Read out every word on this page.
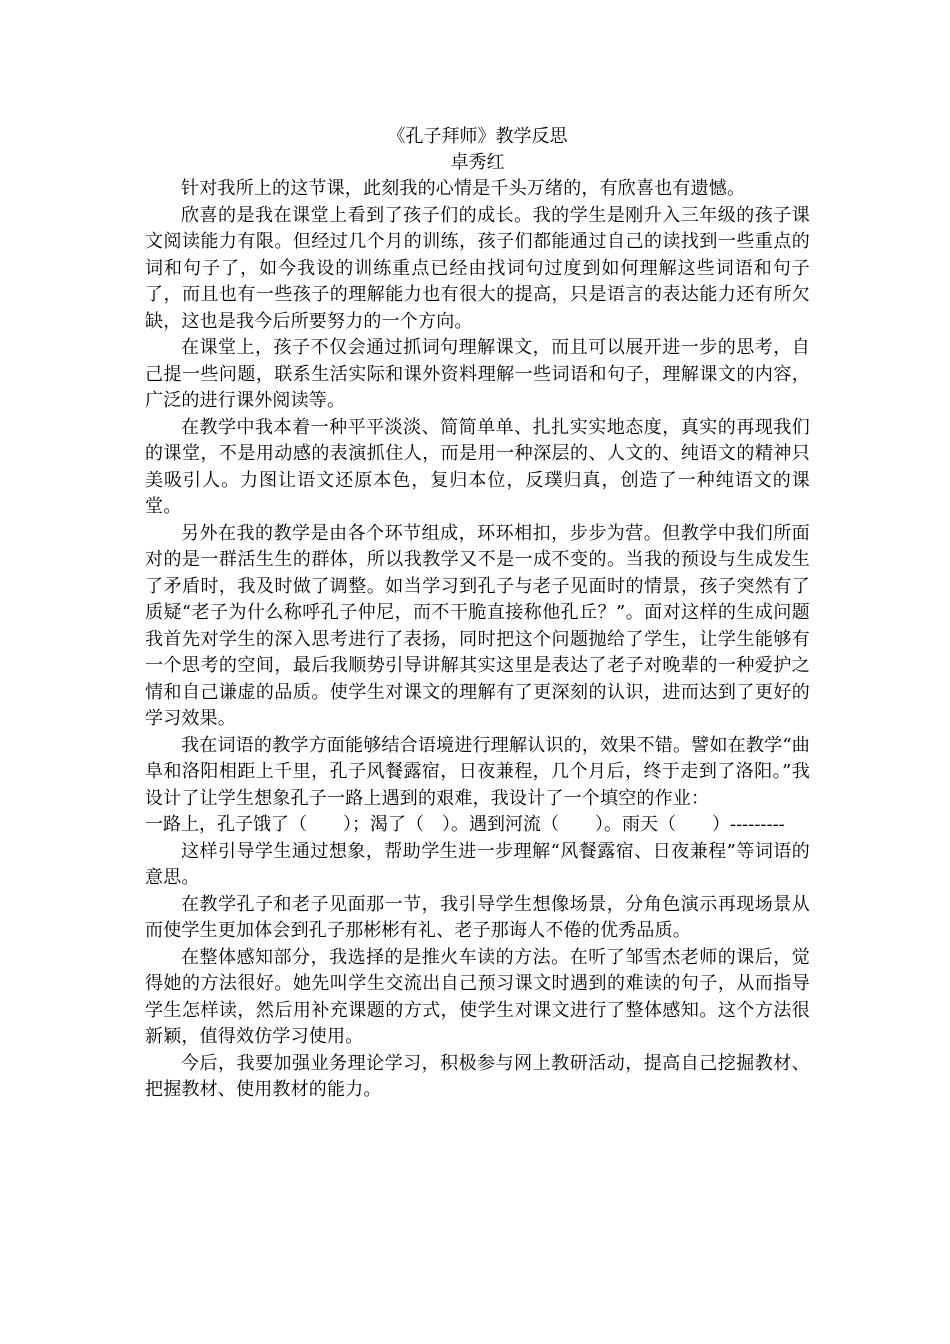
《孔子拜师》教学反思
卓秀红

针对我所上的这节课，此刻我的心情是千头万绪的，有欣喜也有遗憾。

欣喜的是我在课堂上看到了孩子们的成长。我的学生是刚升入三年级的孩子课文阅读能力有限。但经过几个月的训练，孩子们都能通过自己的读找到一些重点的词和句子了，如今我设的训练重点已经由找词句过度到如何理解这些词语和句子了，而且也有一些孩子的理解能力也有很大的提高，只是语言的表达能力还有所欠缺，这也是我今后所要努力的一个方向。

在课堂上，孩子不仅会通过抓词句理解课文，而且可以展开进一步的思考，自己提一些问题，联系生活实际和课外资料理解一些词语和句子，理解课文的内容，广泛的进行课外阅读等。

在教学中我本着一种平平淡淡、简简单单、扎扎实实地态度，真实的再现我们的课堂，不是用动感的表演抓住人，而是用一种深层的、人文的、纯语文的精神只美吸引人。力图让语文还原本色，复归本位，反璞归真，创造了一种纯语文的课堂。

另外在我的教学是由各个环节组成，环环相扣，步步为营。但教学中我们所面对的是一群活生生的群体，所以我教学又不是一成不变的。当我的预设与生成发生了矛盾时，我及时做了调整。如当学习到孔子与老子见面时的情景，孩子突然有了质疑“老子为什么称呼孔子仲尼，而不干脆直接称他孔丘？”。面对这样的生成问题我首先对学生的深入思考进行了表扬，同时把这个问题抛给了学生，让学生能够有一个思考的空间，最后我顺势引导讲解其实这里是表达了老子对晚辈的一种爱护之情和自己谦虚的品质。使学生对课文的理解有了更深刻的认识，进而达到了更好的学习效果。

我在词语的教学方面能够结合语境进行理解认识的，效果不错。譬如在教学“曲阜和洛阳相距上千里，孔子风餐露宿，日夜兼程，几个月后，终于走到了洛阳。”我设计了让学生想象孔子一路上遇到的艰难，我设计了一个填空的作业：

一路上，孔子饿了（　　）；渴了（　）。遇到河流（　　）。雨天（　　）---------

这样引导学生通过想象，帮助学生进一步理解“风餐露宿、日夜兼程”等词语的意思。

在教学孔子和老子见面那一节，我引导学生想像场景，分角色演示再现场景从而使学生更加体会到孔子那彬彬有礼、老子那诲人不倦的优秀品质。

在整体感知部分，我选择的是推火车读的方法。在听了邹雪杰老师的课后，觉得她的方法很好。她先叫学生交流出自己预习课文时遇到的难读的句子，从而指导学生怎样读，然后用补充课题的方式，使学生对课文进行了整体感知。这个方法很新颖，值得效仿学习使用。

今后，我要加强业务理论学习，积极参与网上教研活动，提高自己挖掘教材、把握教材、使用教材的能力。
